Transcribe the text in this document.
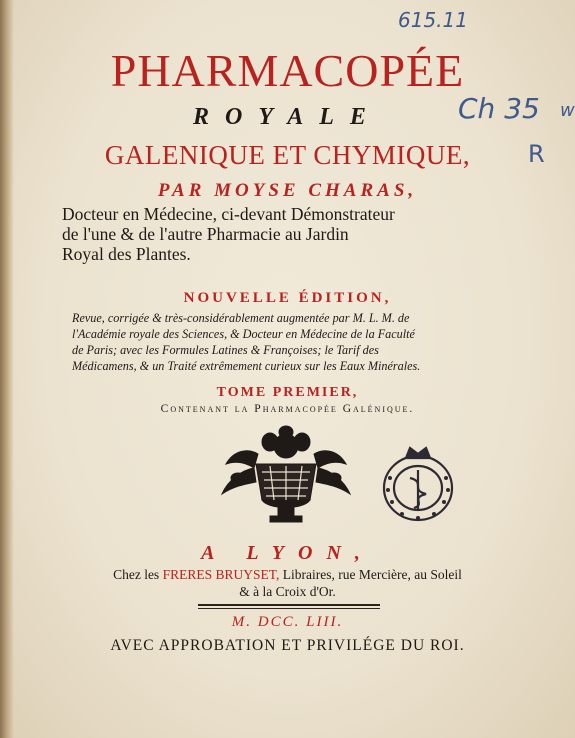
615.11
Ch 35
R
w
PHARMACOPÉE
ROYALE
GALENIQUE ET CHYMIQUE,
PAR MOYSE CHARAS,
Docteur en Médecine, ci-devant Démonstrateur
de l'une & de l'autre Pharmacie au Jardin
Royal des Plantes.
NOUVELLE ÉDITION,
Revue, corrigée & très-considérablement augmentée par M. L. M. de
l'Académie royale des Sciences, & Docteur en Médecine de la Faculté
de Paris; avec les Formules Latines & Françoises; le Tarif des
Médicamens, & un Traité extrêmement curieux sur les Eaux Minérales.
TOME PREMIER,
Contenant la Pharmacopée Galénique.
A LYON,
Chez les FRERES BRUYSET, Libraires, rue Mercière, au Soleil
& à la Croix d'Or.
M. DCC. LIII.
AVEC APPROBATION ET PRIVILÉGE DU ROI.
